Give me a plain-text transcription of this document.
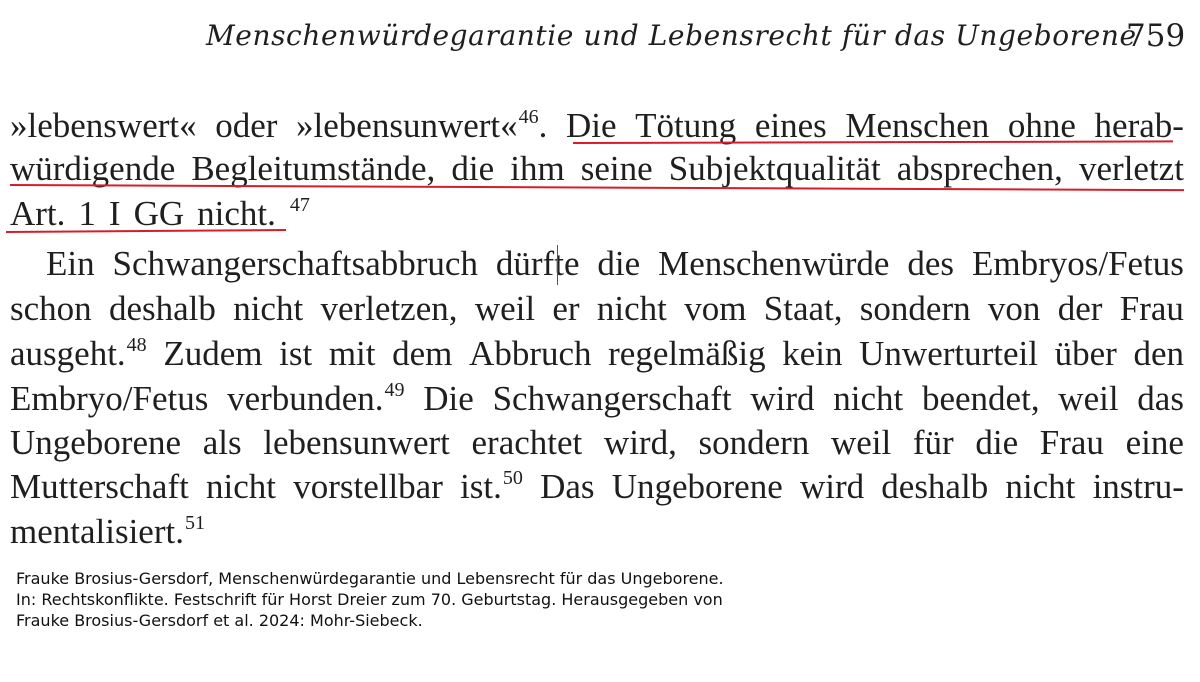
Menschenwürdegarantie und Lebensrecht für das Ungeborene
759
»lebenswert« oder »lebensunwert«$^{46}$. Die Tötung eines Menschen ohne herab-
würdigende Begleitumstände, die ihm seine Subjektqualität absprechen, verletzt
Art. 1 I GG nicht. $^{47}$
Ein Schwangerschaftsabbruch dürfte die Menschenwürde des Embryos/Fetus
schon deshalb nicht verletzen, weil er nicht vom Staat, sondern von der Frau
ausgeht.$^{48}$ Zudem ist mit dem Abbruch regelmäßig kein Unwerturteil über den
Embryo/Fetus verbunden.$^{49}$ Die Schwangerschaft wird nicht beendet, weil das
Ungeborene als lebensunwert erachtet wird, sondern weil für die Frau eine
Mutterschaft nicht vorstellbar ist.$^{50}$ Das Ungeborene wird deshalb nicht instru-
mentalisiert.$^{51}$
Frauke Brosius-Gersdorf, Menschenwürdegarantie und Lebensrecht für das Ungeborene.
In: Rechtskonflikte. Festschrift für Horst Dreier zum 70. Geburtstag. Herausgegeben von
Frauke Brosius-Gersdorf et al. 2024: Mohr-Siebeck.
